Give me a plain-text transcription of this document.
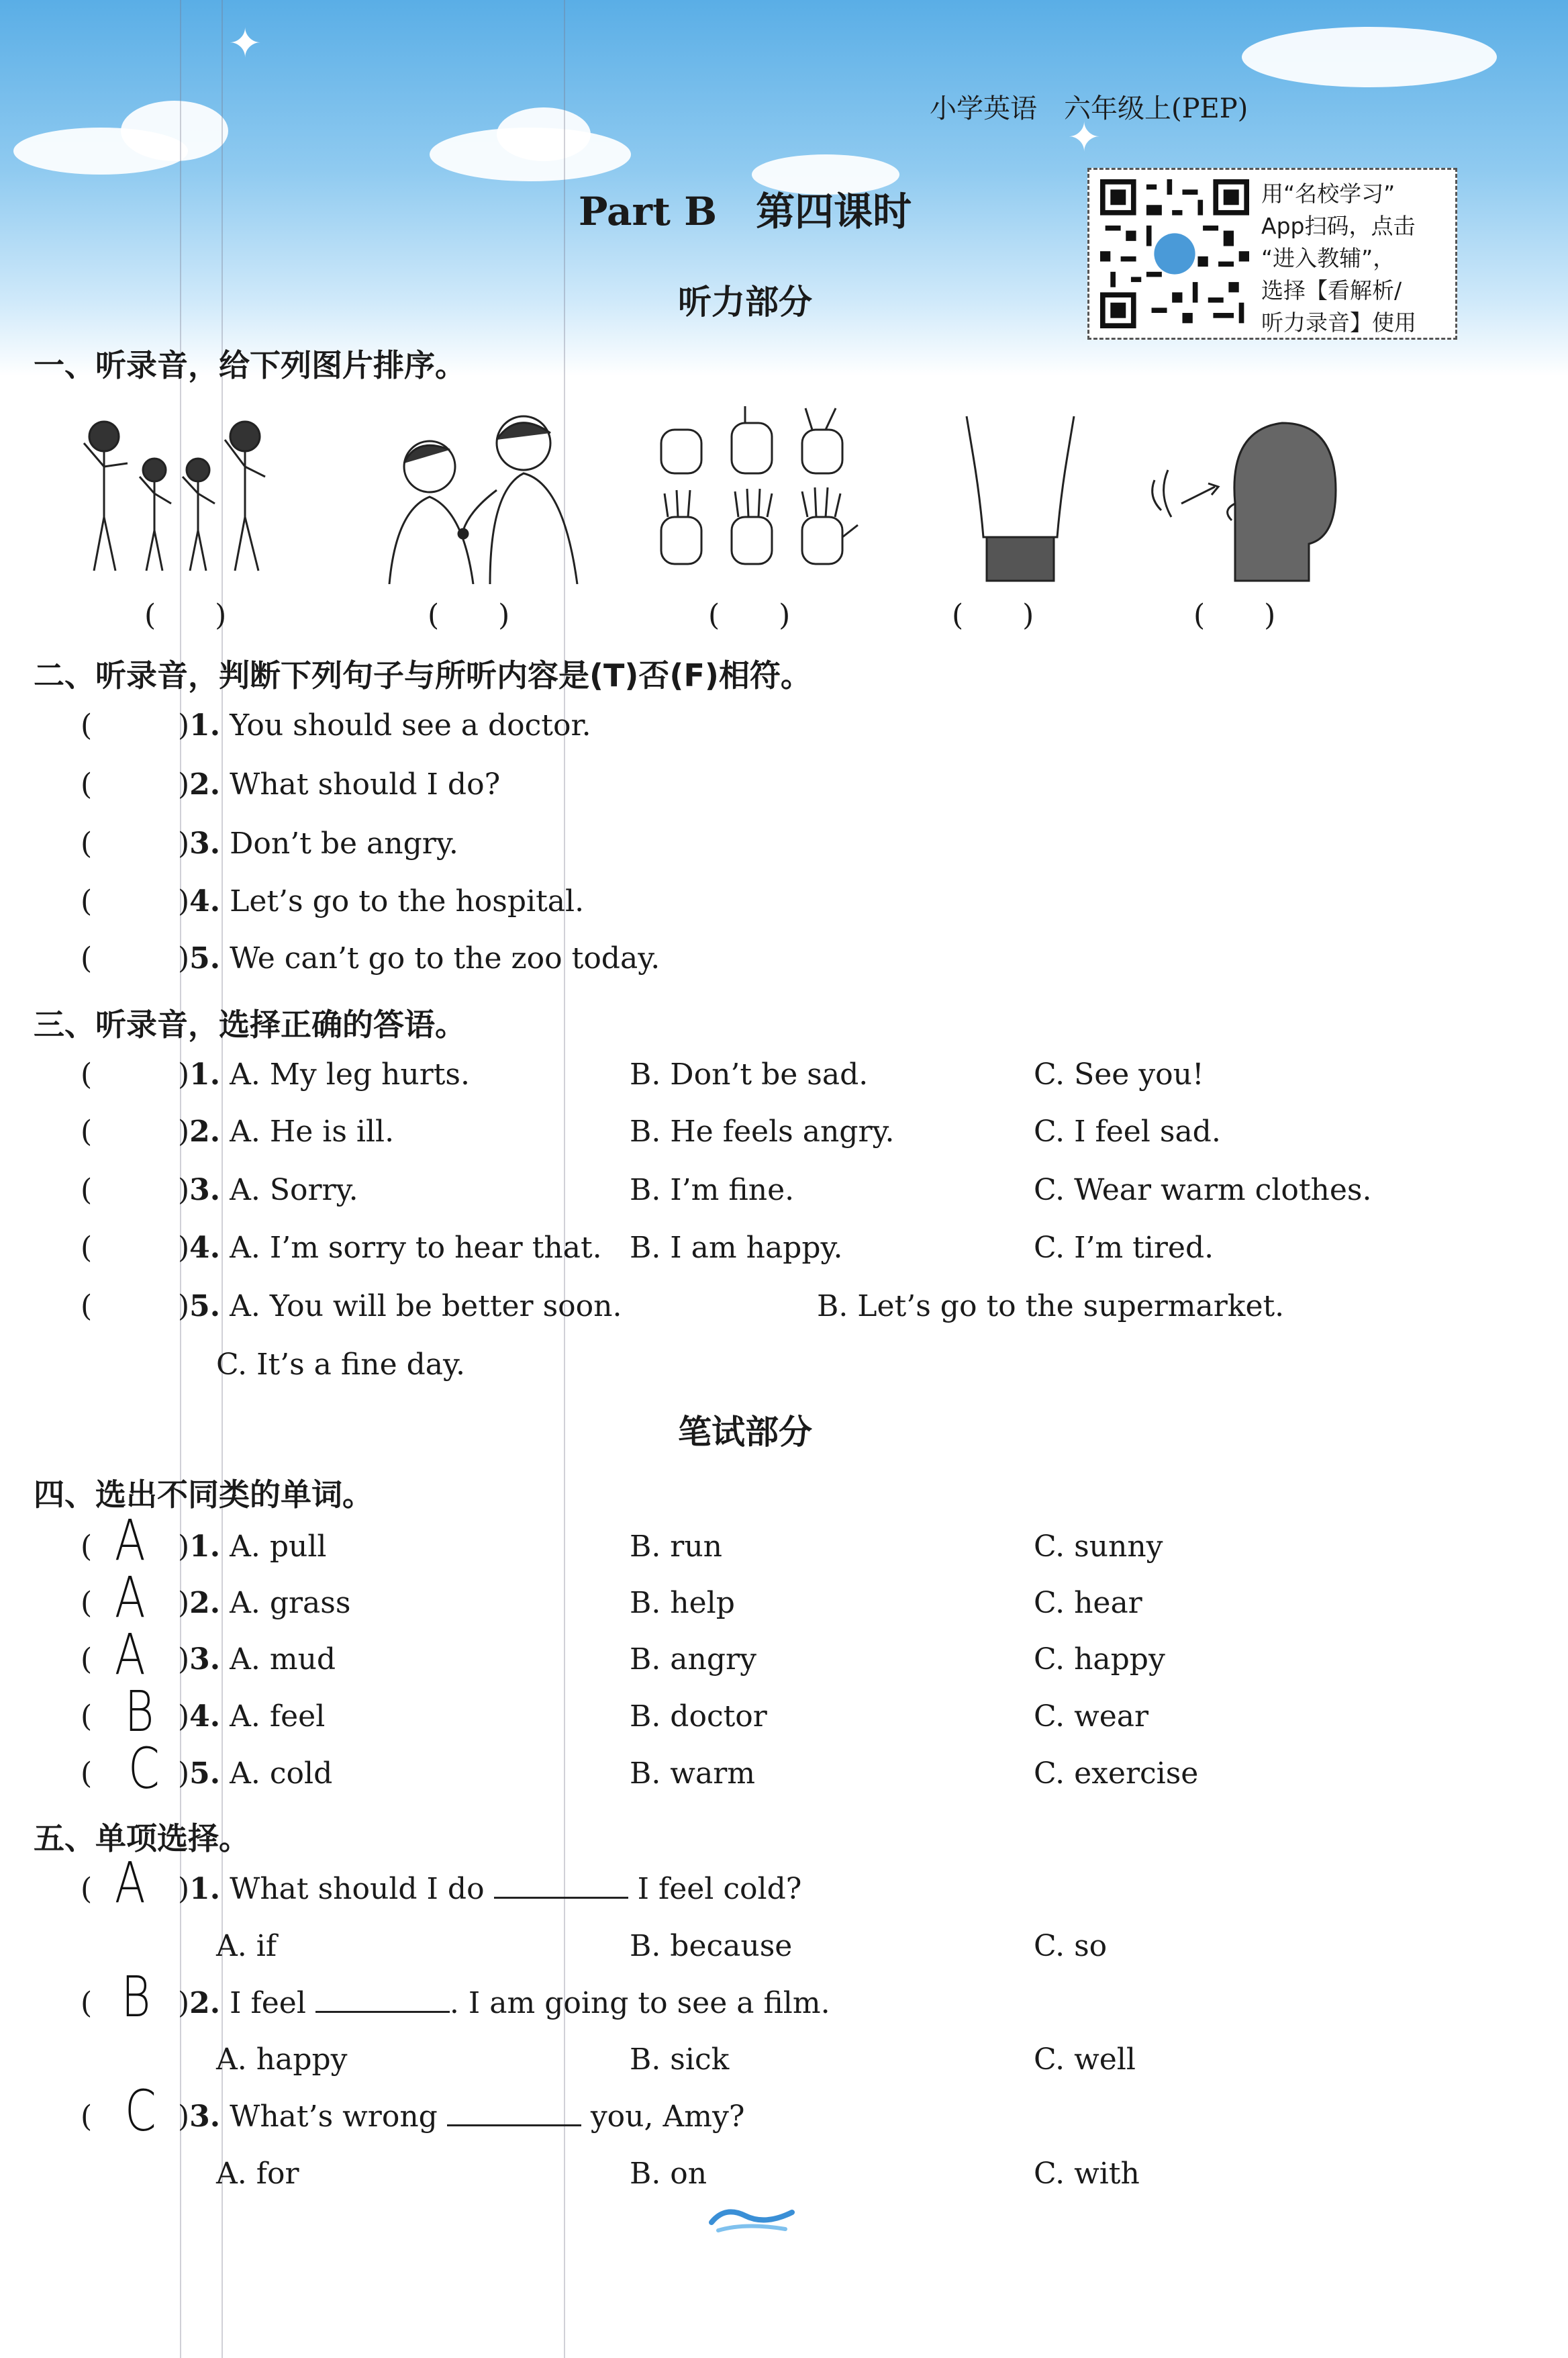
✦
✦
小学英语　六年级上(PEP)
Part B　第四课时	用“名校学习”
App扫码，点击
“进入教辅”，
选择【看解析/
听力录音】使用
听力部分
一、听录音，给下列图片排序。
(　　)	(　　)	(　　)	(　　)	(　　)
二、听录音，判断下列句子与所听内容是(T)否(F)相符。
(	)1. You should see a doctor.
(	)2. What should I do?
(	)3. Don’t be angry.
(	)4. Let’s go to the hospital.
(	)5. We can’t go to the zoo today.
三、听录音，选择正确的答语。
(	)1. A. My leg hurts.	B. Don’t be sad.	C. See you!
(	)2. A. He is ill.	B. He feels angry.	C. I feel sad.
(	)3. A. Sorry.	B. I’m fine.	C. Wear warm clothes.
(	)4. A. I’m sorry to hear that. B. I am happy.	C. I’m tired.
(	)5. A. You will be better soon.	B. Let’s go to the supermarket.
C. It’s a fine day.
笔试部分
四、选出不同类的单词。
( A )1. A. pull	B. run	C. sunny
( A )2. A. grass	B. help	C. hear
( A )3. A. mud	B. angry	C. happy
( B )4. A. feel	B. doctor	C. wear
( C )5. A. cold	B. warm	C. exercise
五、单项选择。
( A )1. What should I do	I feel cold?
A. if	B. because	C. so
( B )2. I feel	. I am going to see a film.
A. happy	B. sick	C. well
( C )3. What’s wrong	you, Amy?
A. for	B. on	C. with
